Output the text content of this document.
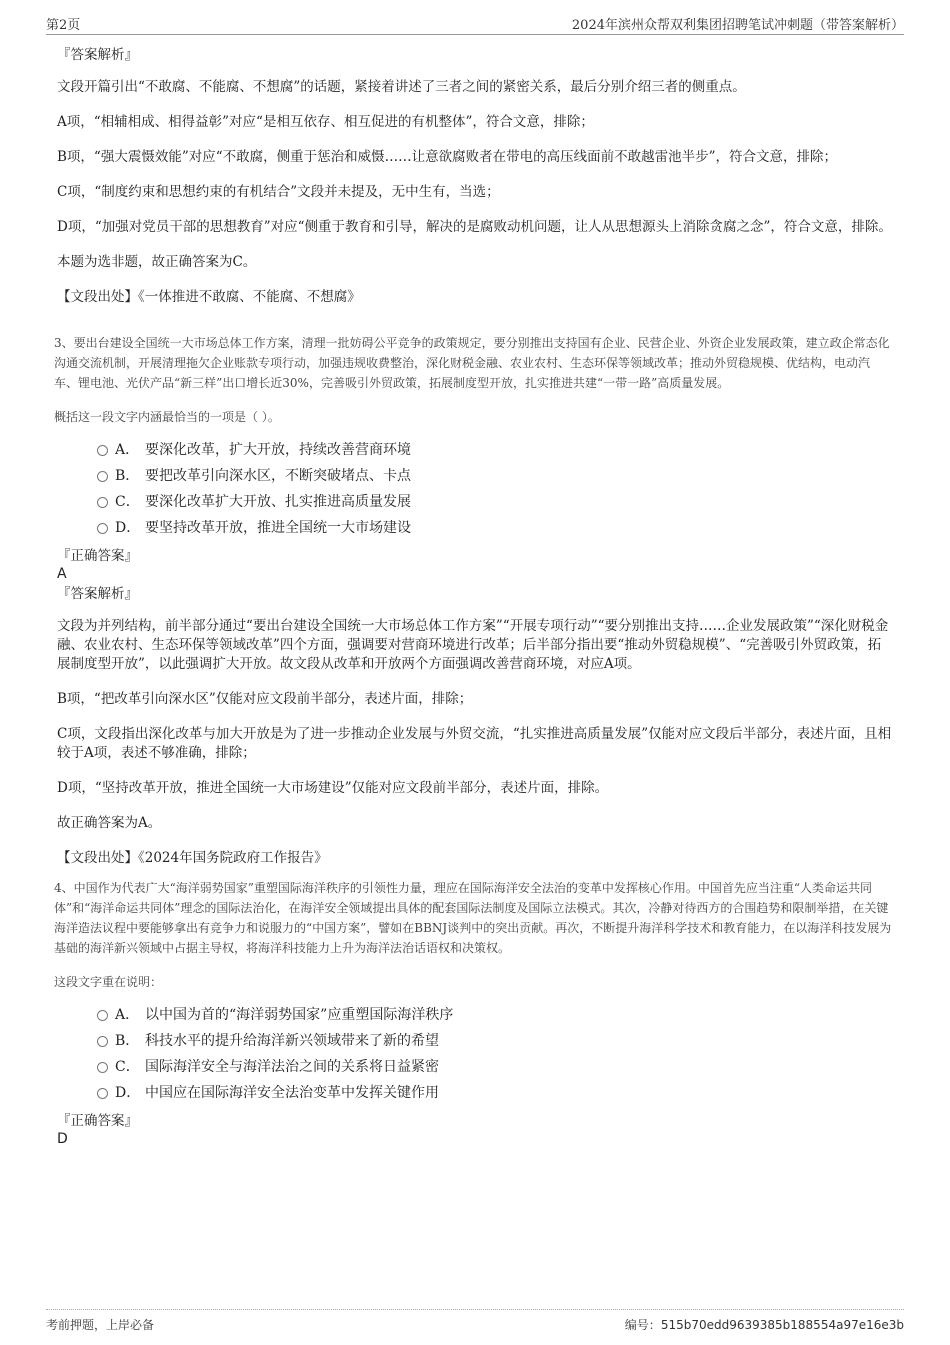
第2页	2024年滨州众帮双利集团招聘笔试冲刺题（带答案解析）

『答案解析』

文段开篇引出“不敢腐、不能腐、不想腐”的话题，紧接着讲述了三者之间的紧密关系，最后分别介绍三者的侧重点。

A项，“相辅相成、相得益彰”对应“是相互依存、相互促进的有机整体”，符合文意，排除；

B项，“强大震慑效能”对应“不敢腐，侧重于惩治和威慑……让意欲腐败者在带电的高压线面前不敢越雷池半步”，符合文意，排除；

C项，“制度约束和思想约束的有机结合”文段并未提及，无中生有，当选；

D项，“加强对党员干部的思想教育”对应“侧重于教育和引导，解决的是腐败动机问题，让人从思想源头上消除贪腐之念”，符合文意，排除。

本题为选非题，故正确答案为C。

【文段出处】《一体推进不敢腐、不能腐、不想腐》

3、要出台建设全国统一大市场总体工作方案，清理一批妨碍公平竞争的政策规定，要分别推出支持国有企业、民营企业、外资企业发展政策，建立政企常态化沟通交流机制，开展清理拖欠企业账款专项行动，加强违规收费整治，深化财税金融、农业农村、生态环保等领域改革；推动外贸稳规模、优结构，电动汽车、锂电池、光伏产品“新三样”出口增长近30%，完善吸引外贸政策，拓展制度型开放，扎实推进共建“一带一路”高质量发展。

概括这一段文字内涵最恰当的一项是（ ）。

A． 要深化改革，扩大开放，持续改善营商环境
B． 要把改革引向深水区，不断突破堵点、卡点
C． 要深化改革扩大开放、扎实推进高质量发展
D． 要坚持改革开放，推进全国统一大市场建设

『正确答案』

A

『答案解析』

文段为并列结构，前半部分通过“要出台建设全国统一大市场总体工作方案”“开展专项行动”“要分别推出支持……企业发展政策”“深化财税金融、农业农村、生态环保等领域改革”四个方面，强调要对营商环境进行改革；后半部分指出要“推动外贸稳规模”、“完善吸引外贸政策，拓展制度型开放”，以此强调扩大开放。故文段从改革和开放两个方面强调改善营商环境，对应A项。

B项，“把改革引向深水区”仅能对应文段前半部分，表述片面，排除；

C项，文段指出深化改革与加大开放是为了进一步推动企业发展与外贸交流，“扎实推进高质量发展”仅能对应文段后半部分，表述片面，且相较于A项，表述不够准确，排除；

D项，“坚持改革开放，推进全国统一大市场建设”仅能对应文段前半部分，表述片面，排除。

故正确答案为A。

【文段出处】《2024年国务院政府工作报告》

4、中国作为代表广大“海洋弱势国家”重塑国际海洋秩序的引领性力量，理应在国际海洋安全法治的变革中发挥核心作用。中国首先应当注重“人类命运共同体”和“海洋命运共同体”理念的国际法治化，在海洋安全领域提出具体的配套国际法制度及国际立法模式。其次，冷静对待西方的合围趋势和限制举措，在关键海洋造法议程中要能够拿出有竞争力和说服力的“中国方案”，譬如在BBNJ谈判中的突出贡献。再次，不断提升海洋科学技术和教育能力，在以海洋科技发展为基础的海洋新兴领域中占据主导权，将海洋科技能力上升为海洋法治话语权和决策权。

这段文字重在说明：

A． 以中国为首的“海洋弱势国家”应重塑国际海洋秩序
B． 科技水平的提升给海洋新兴领域带来了新的希望
C． 国际海洋安全与海洋法治之间的关系将日益紧密
D． 中国应在国际海洋安全法治变革中发挥关键作用

『正确答案』

D

考前押题，上岸必备	编号：515b70edd9639385b188554a97e16e3b
